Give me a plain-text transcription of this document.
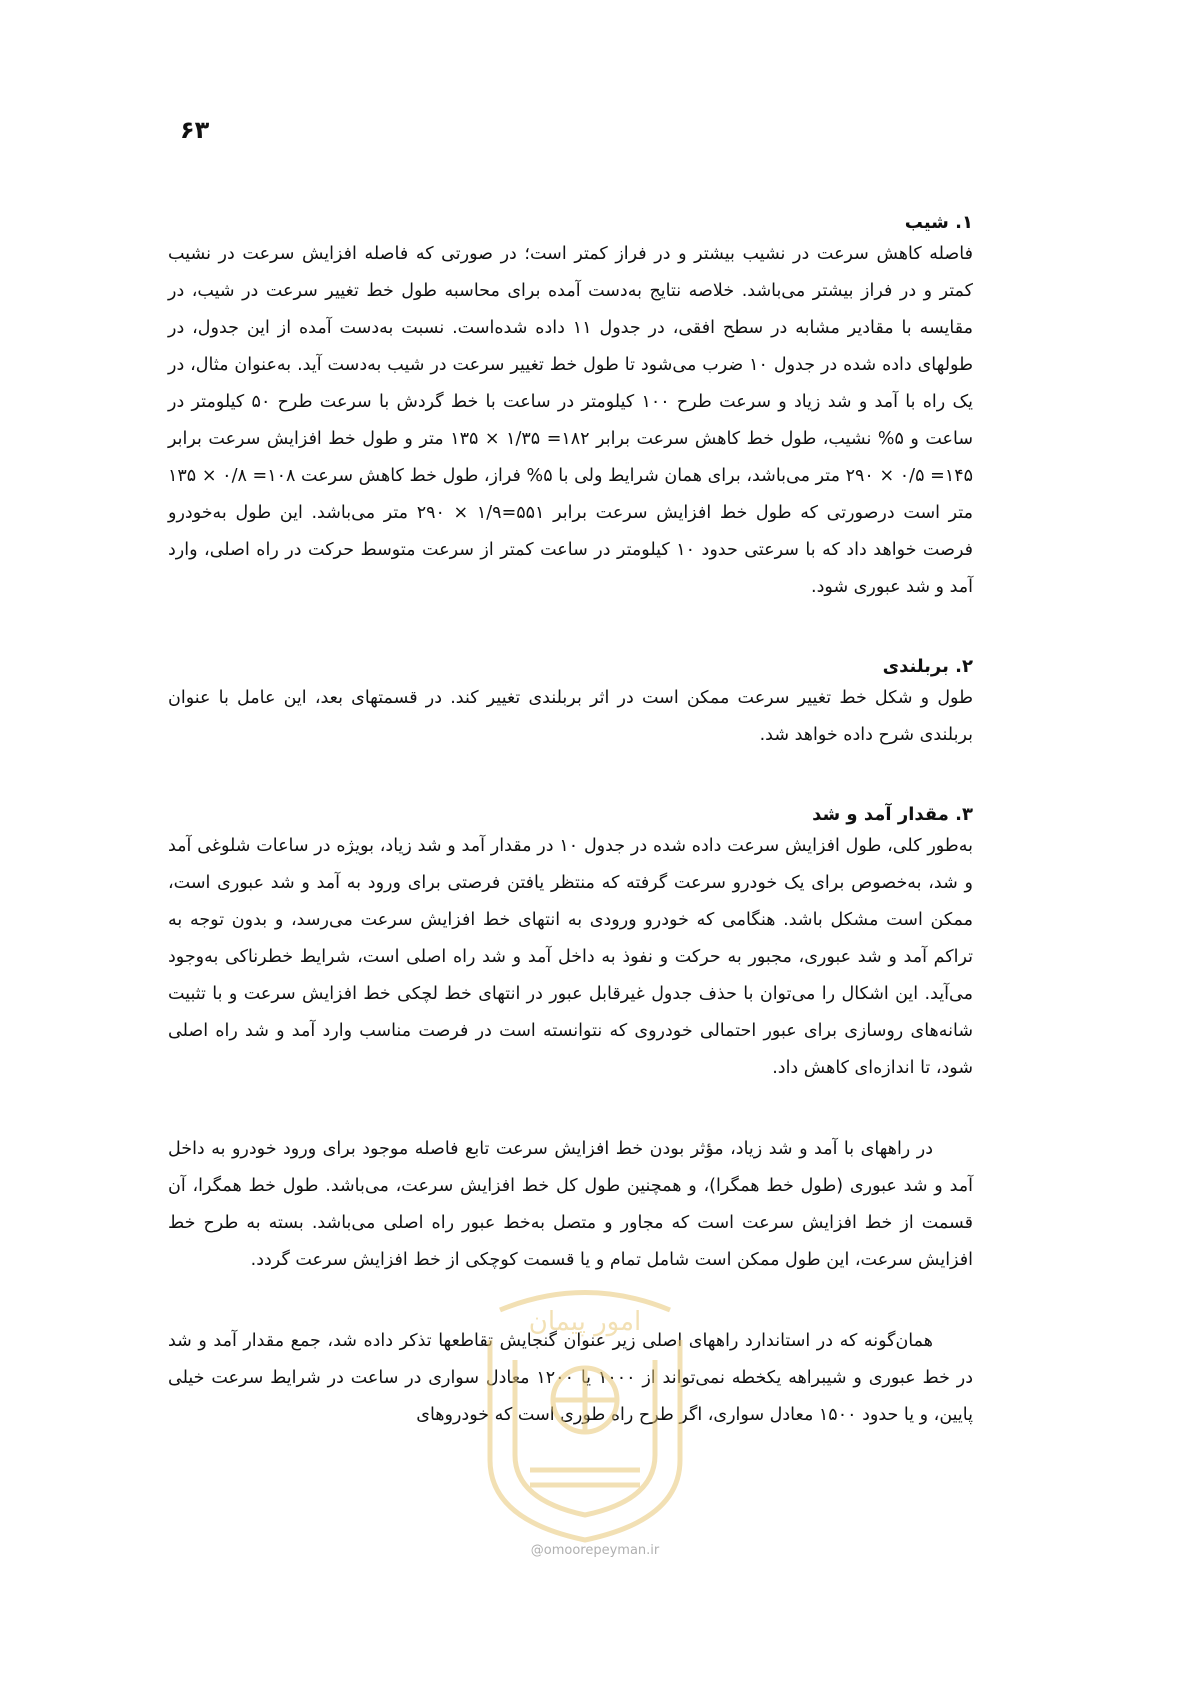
۶۳

۱. شیب

فاصله کاهش سرعت در نشیب بیشتر و در فراز کمتر است؛ در صورتی که فاصله افزایش سرعت در نشیب کمتر و در فراز بیشتر می‌باشد. خلاصه نتایج به‌دست آمده برای محاسبه طول خط تغییر سرعت در شیب، در مقایسه با مقادیر مشابه در سطح افقی، در جدول ۱۱ داده شده‌است. نسبت به‌دست آمده از این جدول، در طولهای داده شده در جدول ۱۰ ضرب می‌شود تا طول خط تغییر سرعت در شیب به‌دست آید. به‌عنوان مثال، در یک راه با آمد و شد زیاد و سرعت طرح ۱۰۰ کیلومتر در ساعت با خط گردش با سرعت طرح ۵۰ کیلومتر در ساعت و ۵% نشیب، طول خط کاهش سرعت برابر ۱۸۲= ۱/۳۵ × ۱۳۵ متر و طول خط افزایش سرعت برابر ۱۴۵= ۰/۵ × ۲۹۰ متر می‌باشد، برای همان شرایط ولی با ۵% فراز، طول خط کاهش سرعت ۱۰۸= ۰/۸ × ۱۳۵ متر است درصورتی که طول خط افزایش سرعت برابر ۵۵۱=۱/۹ × ۲۹۰ متر می‌باشد. این طول به‌خودرو فرصت خواهد داد که با سرعتی حدود ۱۰ کیلومتر در ساعت کمتر از سرعت متوسط حرکت در راه اصلی، وارد آمد و شد عبوری شود.

۲. بربلندی

طول و شکل خط تغییر سرعت ممکن است در اثر بربلندی تغییر کند. در قسمتهای بعد، این عامل با عنوان بربلندی شرح داده خواهد شد.

۳. مقدار آمد و شد

به‌طور کلی، طول افزایش سرعت داده شده در جدول ۱۰ در مقدار آمد و شد زیاد، بویژه در ساعات شلوغی آمد و شد، به‌خصوص برای یک خودرو سرعت گرفته که منتظر یافتن فرصتی برای ورود به آمد و شد عبوری است، ممکن است مشکل باشد. هنگامی که خودرو ورودی به انتهای خط افزایش سرعت می‌رسد، و بدون توجه به تراکم آمد و شد عبوری، مجبور به حرکت و نفوذ به داخل آمد و شد راه اصلی است، شرایط خطرناکی به‌وجود می‌آید. این اشکال را می‌توان با حذف جدول غیرقابل عبور در انتهای خط لچکی خط افزایش سرعت و با تثبیت شانه‌های روسازی برای عبور احتمالی خودروی که نتوانسته است در فرصت مناسب وارد آمد و شد راه اصلی شود، تا اندازه‌ای کاهش داد.

در راههای با آمد و شد زیاد، مؤثر بودن خط افزایش سرعت تابع فاصله موجود برای ورود خودرو به داخل آمد و شد عبوری (طول خط همگرا)، و همچنین طول کل خط افزایش سرعت، می‌باشد. طول خط همگرا، آن قسمت از خط افزایش سرعت است که مجاور و متصل به‌خط عبور راه اصلی می‌باشد. بسته به طرح خط افزایش سرعت، این طول ممکن است شامل تمام و یا قسمت کوچکی از خط افزایش سرعت گردد.

همان‌گونه که در استاندارد راههای اصلی زیر عنوان گنجایش تقاطعها تذکر داده شد، جمع مقدار آمد و شد در خط عبوری و شیبراهه یکخطه نمی‌تواند از ۱۰۰۰ یا ۱۲۰۰ معادل سواری در ساعت در شرایط سرعت خیلی پایین، و یا حدود ۱۵۰۰ معادل سواری، اگر طرح راه طوری است که خودروهای

امور پیمان
@omoorepeyman.ir
